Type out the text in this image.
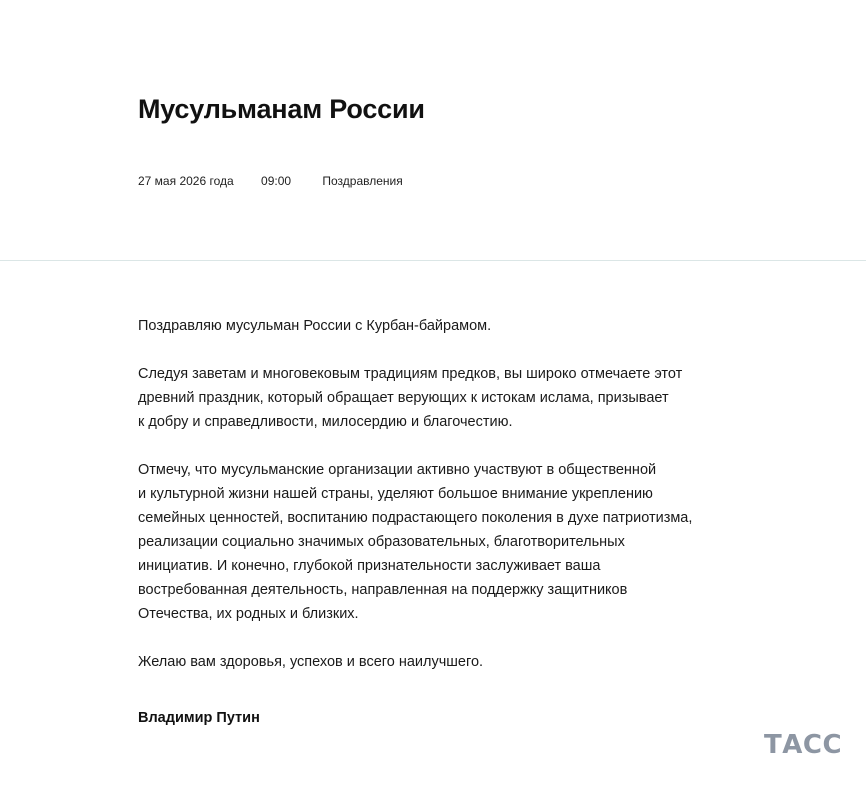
Мусульманам России
27 мая 2026 года 09:00	Поздравления

Поздравляю мусульман России с Курбан-байрамом.

Следуя заветам и многовековым традициям предков, вы широко отмечаете этот
древний праздник, который обращает верующих к истокам ислама, призывает
к добру и справедливости, милосердию и благочестию.

Отмечу, что мусульманские организации активно участвуют в общественной
и культурной жизни нашей страны, уделяют большое внимание укреплению
семейных ценностей, воспитанию подрастающего поколения в духе патриотизма,
реализации социально значимых образовательных, благотворительных
инициатив. И конечно, глубокой признательности заслуживает ваша
востребованная деятельность, направленная на поддержку защитников
Отечества, их родных и близких.

Желаю вам здоровья, успехов и всего наилучшего.

Владимир Путин
ТАСС
